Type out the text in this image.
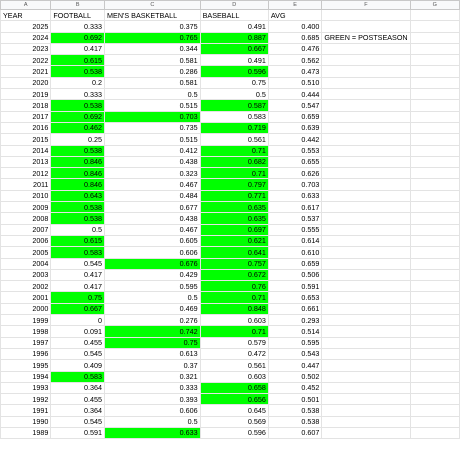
A	B	C	D	E	F	G
YEAR	FOOTBALL	MEN'S BASKETBALL	BASEBALL	AVG		
2025	0.333	0.375	0.491	0.400		
2024	0.692	0.765	0.887	0.685	GREEN = POSTSEASON	
2023	0.417	0.344	0.667	0.476		
2022	0.615	0.581	0.491	0.562		
2021	0.538	0.286	0.596	0.473		
2020	0.2	0.581	0.75	0.510		
2019	0.333	0.5	0.5	0.444		
2018	0.538	0.515	0.587	0.547		
2017	0.692	0.703	0.583	0.659		
2016	0.462	0.735	0.719	0.639		
2015	0.25	0.515	0.561	0.442		
2014	0.538	0.412	0.71	0.553		
2013	0.846	0.438	0.682	0.655		
2012	0.846	0.323	0.71	0.626		
2011	0.846	0.467	0.797	0.703		
2010	0.643	0.484	0.771	0.633		
2009	0.538	0.677	0.635	0.617		
2008	0.538	0.438	0.635	0.537		
2007	0.5	0.467	0.697	0.555		
2006	0.615	0.605	0.621	0.614		
2005	0.583	0.606	0.641	0.610		
2004	0.545	0.676	0.757	0.659		
2003	0.417	0.429	0.672	0.506		
2002	0.417	0.595	0.76	0.591		
2001	0.75	0.5	0.71	0.653		
2000	0.667	0.469	0.848	0.661		
1999	0	0.276	0.603	0.293		
1998	0.091	0.742	0.71	0.514		
1997	0.455	0.75	0.579	0.595		
1996	0.545	0.613	0.472	0.543		
1995	0.409	0.37	0.561	0.447		
1994	0.583	0.321	0.603	0.502		
1993	0.364	0.333	0.658	0.452		
1992	0.455	0.393	0.656	0.501		
1991	0.364	0.606	0.645	0.538		
1990	0.545	0.5	0.569	0.538		
1989	0.591	0.633	0.596	0.607		
